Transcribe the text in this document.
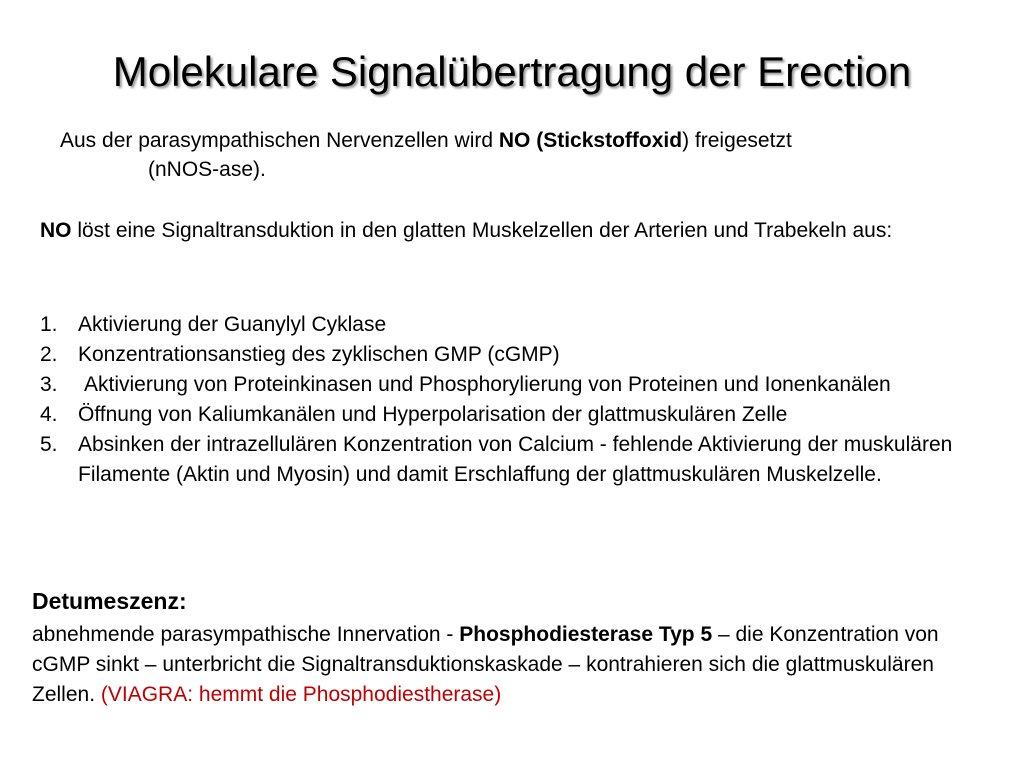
Molekulare Signalübertragung der Erection
Aus der parasympathischen Nervenzellen wird NO (Stickstoffoxid) freigesetzt
(nNOS-ase).
NO löst eine Signaltransduktion in den glatten Muskelzellen der Arterien und Trabekeln aus:
1. Aktivierung der Guanylyl Cyklase
2. Konzentrationsanstieg des zyklischen GMP (cGMP)
3. Aktivierung von Proteinkinasen und Phosphorylierung von Proteinen und Ionenkanälen
4. Öffnung von Kaliumkanälen und Hyperpolarisation der glattmuskulären Zelle
5. Absinken der intrazellulären Konzentration von Calcium - fehlende Aktivierung der muskulären Filamente (Aktin und Myosin) und damit Erschlaffung der glattmuskulären Muskelzelle.
Detumeszenz:
abnehmende parasympathische Innervation - Phosphodiesterase Typ 5 – die Konzentration von cGMP sinkt – unterbricht die Signaltransduktionskaskade – kontrahieren sich die glattmuskulären Zellen. (VIAGRA: hemmt die Phosphodiestherase)
